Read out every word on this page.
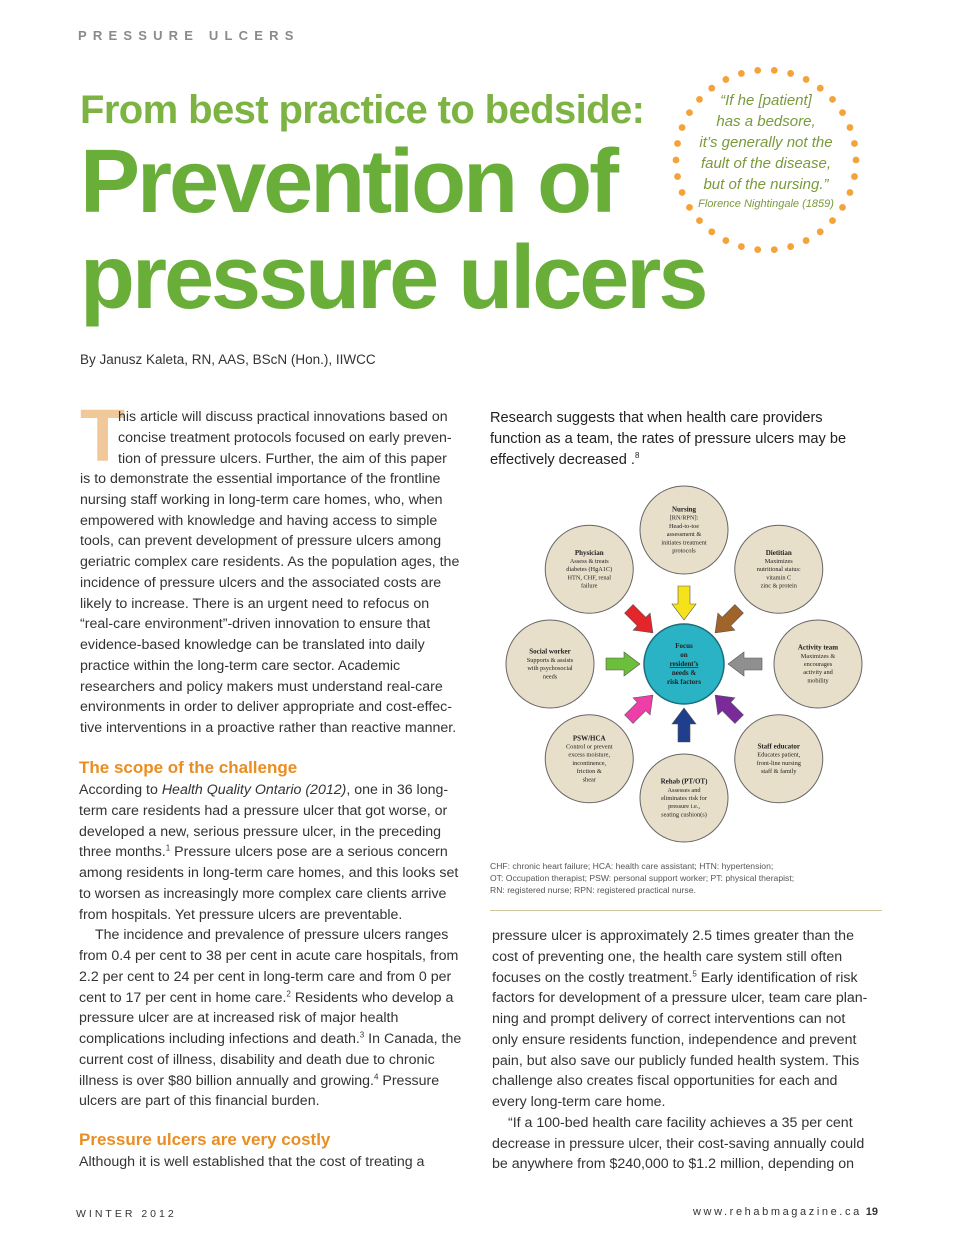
PRESSURE ULCERS
From best practice to bedside:
Prevention of
pressure ulcers
“If he [patient]
has a bedsore,
it’s generally not the
fault of the disease,
but of the nursing.”
Florence Nightingale (1859)
By Janusz Kaleta, RN, AAS, BScN (Hon.), IIWCC
T
his article will discuss practical innovations based on concise treatment protocols focused on early preven-tion of pressure ulcers. Further, the aim of this paper
is to demonstrate the essential importance of the frontline nursing staff working in long-term care homes, who, when empowered with knowledge and having access to simple tools, can prevent development of pressure ulcers among geriatric complex care residents. As the population ages, the incidence of pressure ulcers and the associated costs are likely to increase. There is an urgent need to refocus on “real-care environment”-driven innovation to ensure that evidence-based knowledge can be translated into daily practice within the long-term care sector. Academic researchers and policy makers must understand real-care environments in order to deliver appropriate and cost-effec-tive interventions in a proactive rather than reactive manner.
The scope of the challenge

According to Health Quality Ontario (2012), one in 36 long-term care residents had a pressure ulcer that got worse, or developed a new, serious pressure ulcer, in the preceding three months.$^1$ Pressure ulcers pose are a serious concern among residents in long-term care homes, and this looks set to worsen as increasingly more complex care clients arrive from hospitals. Yet pressure ulcers are preventable.

The incidence and prevalence of pressure ulcers ranges from 0.4 per cent to 38 per cent in acute care hospitals, from 2.2 per cent to 24 per cent in long-term care and from 0 per cent to 17 per cent in home care.$^2$ Residents who develop a pressure ulcer are at increased risk of major health complications including infections and death.$^3$ In Canada, the current cost of illness, disability and death due to chronic illness is over $80 billion annually and growing.$^4$ Pressure ulcers are part of this financial burden.

Pressure ulcers are very costly

Although it is well established that the cost of treating a

Research suggests that when health care providers function as a team, the rates of pressure ulcers may be effectively decreased .$^8$
Nursing
[RN/RPN]:
Head-to-toe
assessment &
initiates treatment
protocols	Dietitian
Maximizes
nutritional status:
vitamin C
zinc & protein
Activity team
Maximizes &
encourages
activity and
mobility
Staff educator
Educates patient,
front-line nursing
staff & family
Rehab (PT/OT)
Assesses and
eliminates risk for
pressure i.e.,
seating cushion(s)
PSW/HCA
Control or prevent
excess moisture,
incontinence,
friction &
shear
Social worker
Supports & assists
with psychosocial
needs
Physician
Assess & treats
diabetes (HgA1C)
HTN, CHF, renal
failure
Focus
on
resident’s
needs &
risk factors
CHF: chronic heart failure; HCA: health care assistant; HTN: hypertension;
OT: Occupation therapist; PSW: personal support worker; PT: physical therapist;
RN: registered nurse; RPN: registered practical nurse.

pressure ulcer is approximately 2.5 times greater than the cost of preventing one, the health care system still often focuses on the costly treatment.$^5$ Early identification of risk factors for development of a pressure ulcer, team care plan-ning and prompt delivery of correct interventions can not only ensure residents function, independence and prevent pain, but also save our publicly funded health system. This challenge also creates fiscal opportunities for each and every long-term care home.

“If a 100-bed health care facility achieves a 35 per cent decrease in pressure ulcer, their cost-saving annually could be anywhere from $240,000 to $1.2 million, depending on

WINTER 2012	www.rehabmagazine.ca 19
